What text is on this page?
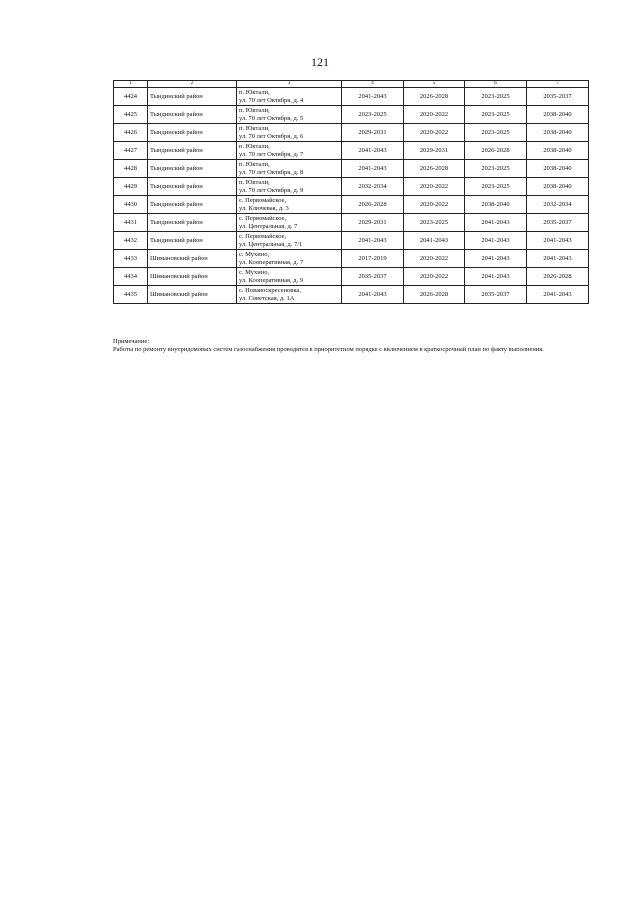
121
1	2	3	4	5	6	7
4424	Тындинский район	п. Юктали,
ул. 70 лет Октября, д. 4	2041-2043	2026-2028	2023-2025	2035-2037
4425	Тындинский район	п. Юктали,
ул. 70 лет Октября, д. 5	2023-2025	2020-2022	2023-2025	2038-2040
4426	Тындинский район	п. Юктали,
ул. 70 лет Октября, д. 6	2029-2031	2020-2022	2023-2025	2038-2040
4427	Тындинский район	п. Юктали,
ул. 70 лет Октября, д. 7	2041-2043	2029-2031	2026-2028	2038-2040
4428	Тындинский район	п. Юктали,
ул. 70 лет Октября, д. 8	2041-2043	2026-2028	2023-2025	2038-2040
4429	Тындинский район	п. Юктали,
ул. 70 лет Октября, д. 9	2032-2034	2020-2022	2023-2025	2038-2040
4430	Тындинский район	с. Первомайское,
ул. Ключевая, д. 3	2026-2028	2020-2022	2038-2040	2032-2034
4431	Тындинский район	с. Первомайское,
ул. Центральная, д. 7	2029-2031	2023-2025	2041-2043	2035-2037
4432	Тындинский район	с. Первомайское,
ул. Центральная, д. 7/1	2041-2043	2041-2043	2041-2043	2041-2043
4433	Шимановский район	с. Мухино,
ул. Кооперативная, д. 7	2017-2019	2020-2022	2041-2043	2041-2043
4434	Шимановский район	с. Мухино,
ул. Кооперативная, д. 9	2035-2037	2020-2022	2041-2043	2026-2028
4435	Шимановский район	с. Новавоскресеновка,
ул. Советская, д. 1А	2041-2043	2026-2028	2035-2037	2041-2043

Примечание:

Работы по ремонту внутридомовых систем газоснабжения проводятся в приоритетном порядке с включением в краткосрочный план по факту выполнения.
